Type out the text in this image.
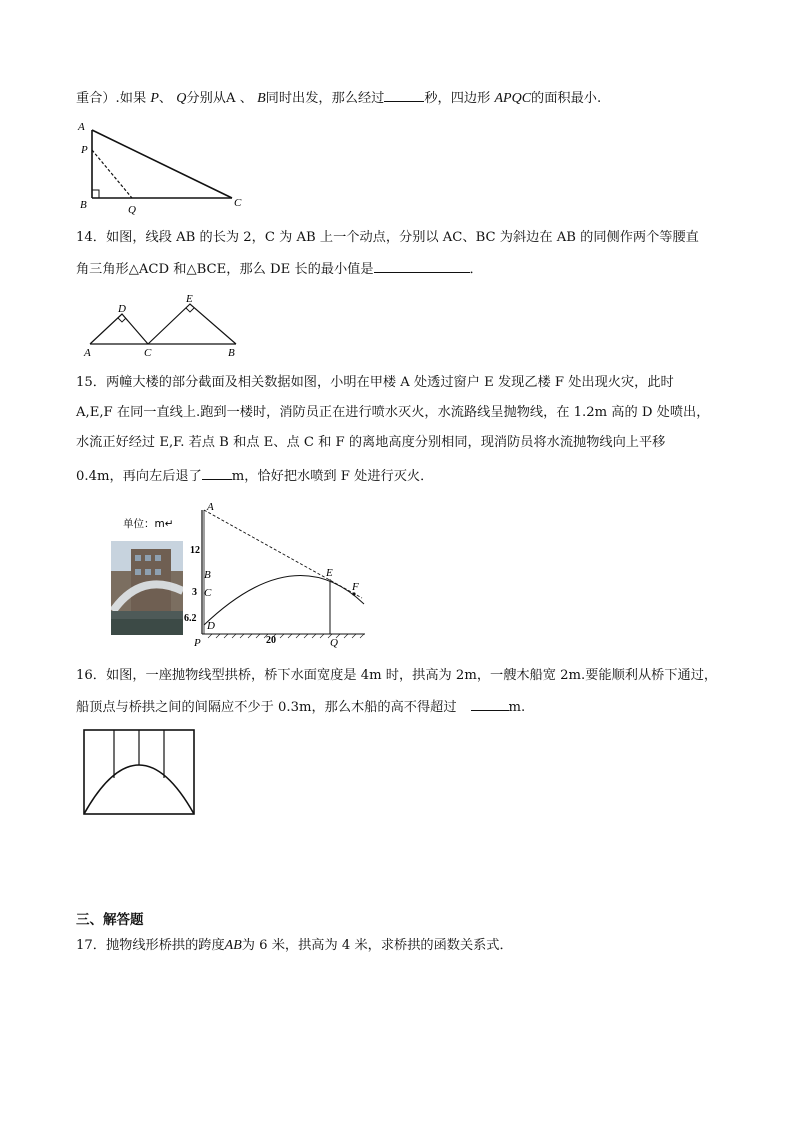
重合）.如果 P、 Q分别从A 、 B同时出发，那么经过	秒，四边形 APQC的面积最小.
A
P
B	Q
C
14．如图，线段 AB 的长为 2，C 为 AB 上一个动点，分别以 AC、BC 为斜边在 AB 的同侧作两个等腰直
角三角形△ACD 和△BCE，那么 DE 长的最小值是	．
A	C	B
D
E
15．两幢大楼的部分截面及相关数据如图，小明在甲楼 A 处透过窗户 E 发现乙楼 F 处出现火灾，此时
A,E,F 在同一直线上.跑到一楼时，消防员正在进行喷水灭火，水流路线呈抛物线，在 1.2m 高的 D 处喷出，
水流正好经过 E,F. 若点 B 和点 E、点 C 和 F 的离地高度分别相同，现消防员将水流抛物线向上平移
0.4m，再向左后退了 m，恰好把水喷到 F 处进行灭火．
单位：m↵
A
B
C
D
P
E
F
Q
12
3
6.2
20
16．如图，一座抛物线型拱桥，桥下水面宽度是 4m 时，拱高为 2m，一艘木船宽 2m.要能顺利从桥下通过，
船顶点与桥拱之间的间隔应不少于 0.3m，那么木船的高不得超过	m.
三、解答题
17．抛物线形桥拱的跨度AB为 6 米，拱高为 4 米，求桥拱的函数关系式．
